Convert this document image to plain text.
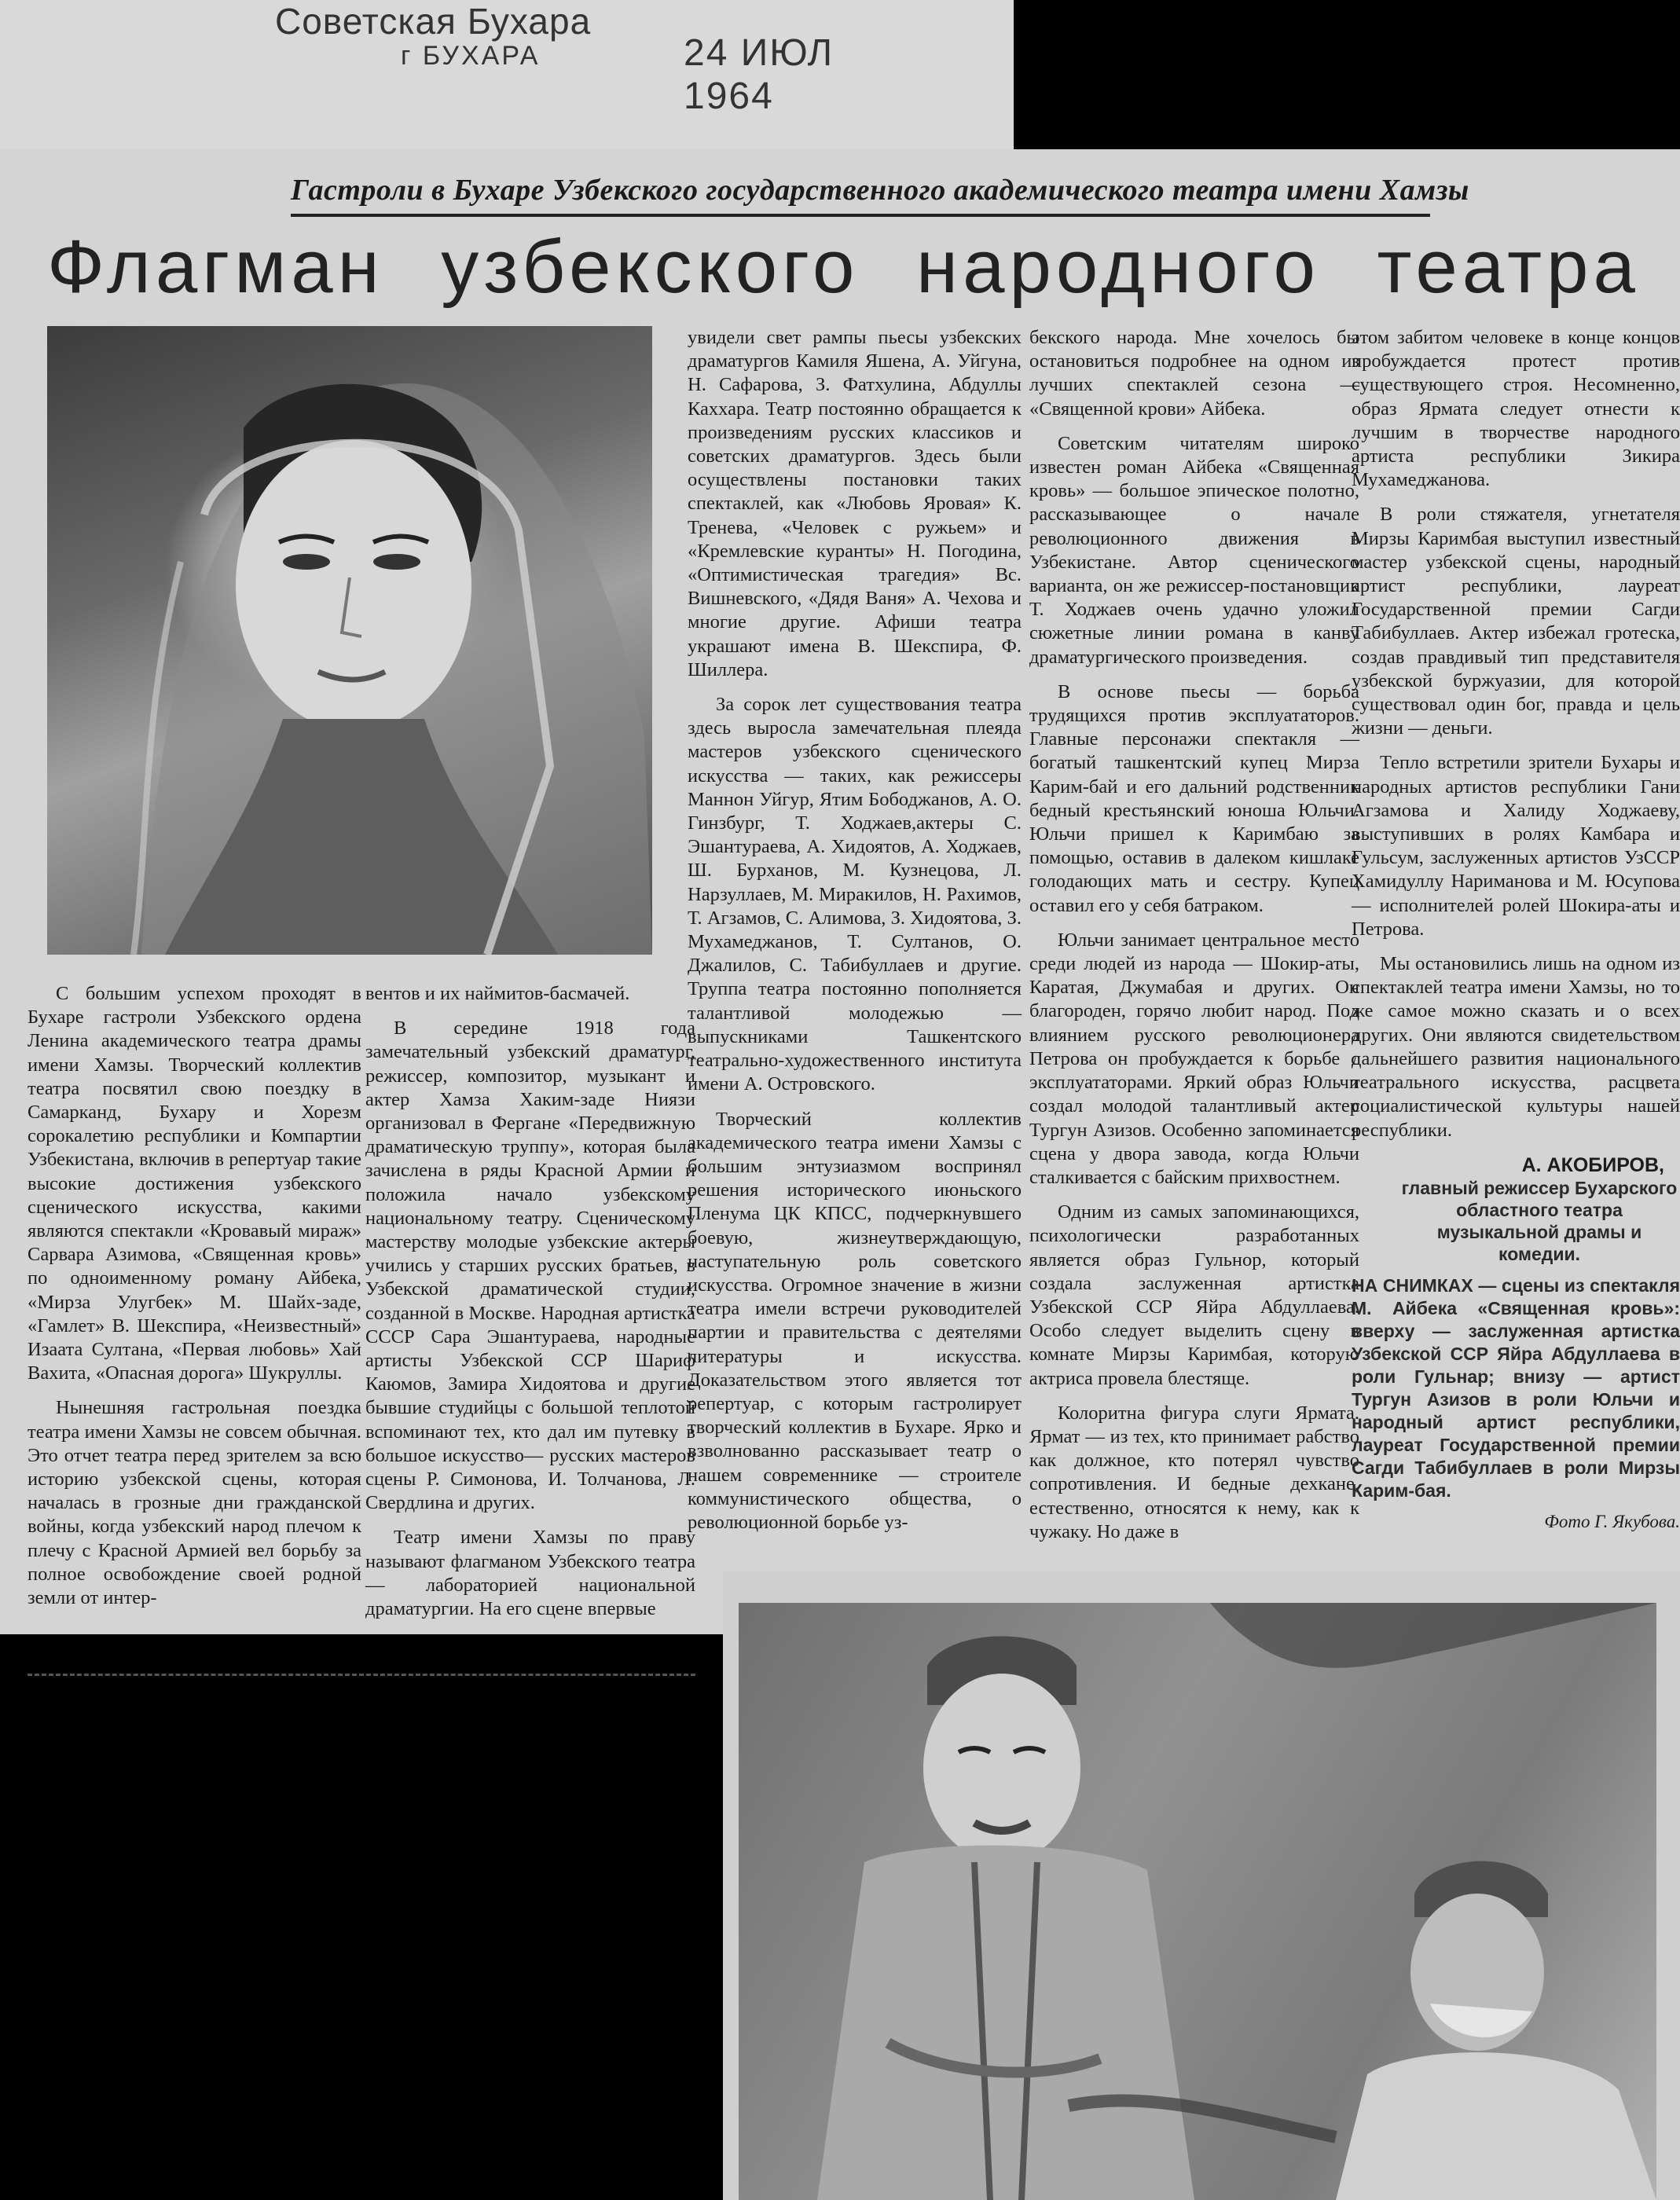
Советская Бухара
г БУХАРА	24 ИЮЛ 1964
Гастроли в Бухаре Узбекского государственного академического театра имени Хамзы
Флагман узбекского народного театра

С большим успехом проходят в Бухаре гастроли Узбекского ордена Ленина академического театра драмы имени Хамзы. Творческий коллектив театра посвятил свою поездку в Самарканд, Бухару и Хорезм сорокалетию республики и Компартии Узбекистана, включив в репертуар такие высокие достижения узбекского сценического искусства, какими являются спектакли «Кровавый мираж» Сарвара Азимова, «Священная кровь» по одноименному роману Айбека, «Мирза Улугбек» М. Шайх-заде, «Гамлет» В. Шекспира, «Неизвестный» Изаата Султана, «Первая любовь» Хай Вахита, «Опасная дорога» Шукруллы.

Нынешняя гастрольная поездка театра имени Хамзы не совсем обычная. Это отчет театра перед зрителем за всю историю узбекской сцены, которая началась в грозные дни гражданской войны, когда узбекский народ плечом к плечу с Красной Армией вел борьбу за полное освобождение своей родной земли от интер-

вентов и их наймитов-басмачей.

В середине 1918 года замечательный узбекский драматург, режиссер, композитор, музыкант и актер Хамза Хаким-заде Ниязи организовал в Фергане «Передвижную драматическую труппу», которая была зачислена в ряды Красной Армии и положила начало узбекскому национальному театру. Сценическому мастерству молодые узбекские актеры учились у старших русских братьев, в Узбекской драматической студии, созданной в Москве. Народная артистка СССР Сара Эшантураева, народные артисты Узбекской ССР Шариф Каюмов, Замира Хидоятова и другие бывшие студийцы с большой теплотой вспоминают тех, кто дал им путевку в большое искусство— русских мастеров сцены Р. Симонова, И. Толчанова, Л. Свердлина и других.

Театр имени Хамзы по праву называют флагманом Узбекского театра — лабораторией национальной драматургии. На его сцене впервые

увидели свет рампы пьесы узбекских драматургов Камиля Яшена, А. Уйгуна, Н. Сафарова, З. Фатхулина, Абдуллы Каххара. Театр постоянно обращается к произведениям русских классиков и советских драматургов. Здесь были осуществлены постановки таких спектаклей, как «Любовь Яровая» К. Тренева, «Человек с ружьем» и «Кремлевские куранты» Н. Погодина, «Оптимистическая трагедия» Вс. Вишневского, «Дядя Ваня» А. Чехова и многие другие. Афиши театра украшают имена В. Шекспира, Ф. Шиллера.

За сорок лет существования театра здесь выросла замечательная плеяда мастеров узбекского сценического искусства — таких, как режиссеры Маннон Уйгур, Ятим Бободжанов, А. О. Гинзбург, Т. Ходжаев,актеры С. Эшантураева, А. Хидоятов, А. Ходжаев, Ш. Бурханов, М. Кузнецова, Л. Нарзуллаев, М. Миракилов, Н. Рахимов, Т. Агзамов, С. Алимова, З. Хидоятова, З. Мухамеджанов, Т. Султанов, О. Джалилов, С. Табибуллаев и другие. Труппа театра постоянно пополняется талантливой молодежью — выпускниками Ташкентского театрально-художественного института имени А. Островского.

Творческий коллектив академического театра имени Хамзы с большим энтузиазмом воспринял решения исторического июньского Пленума ЦК КПСС, подчеркнувшего боевую, жизнеутверждающую, наступательную роль советского искусства. Огромное значение в жизни театра имели встречи руководителей партии и правительства с деятелями литературы и искусства. Доказательством этого является тот репертуар, с которым гастролирует творческий коллектив в Бухаре. Ярко и взволнованно рассказывает театр о нашем современнике — строителе коммунистического общества, о революционной борьбе уз-

бекского народа. Мне хочелось бы остановиться подробнее на одном из лучших спектаклей сезона — «Священной крови» Айбека.

Советским читателям широко известен роман Айбека «Священная кровь» — большое эпическое полотно, рассказывающее о начале революционного движения в Узбекистане. Автор сценического варианта, он же режиссер-постановщик Т. Ходжаев очень удачно уложил сюжетные линии романа в канву драматургического произведения.

В основе пьесы — борьба трудящихся против эксплуататоров. Главные персонажи спектакля — богатый ташкентский купец Мирза Карим-бай и его дальний родственник бедный крестьянский юноша Юльчи. Юльчи пришел к Каримбаю за помощью, оставив в далеком кишлаке голодающих мать и сестру. Купец оставил его у себя батраком.

Юльчи занимает центральное место среди людей из народа — Шокир-аты, Каратая, Джумабая и других. Он благороден, горячо любит народ. Под влиянием русского революционера Петрова он пробуждается к борьбе с эксплуататорами. Яркий образ Юльчи создал молодой талантливый актер Тургун Азизов. Особенно запоминается сцена у двора завода, когда Юльчи сталкивается с байским прихвостнем.

Одним из самых запоминающихся, психологически разработанных является образ Гульнор, который создала заслуженная артистка Узбекской ССР Яйра Абдуллаева. Особо следует выделить сцену в комнате Мирзы Каримбая, которую актриса провела блестяще.

Колоритна фигура слуги Ярмата. Ярмат — из тех, кто принимает рабство как должное, кто потерял чувство сопротивления. И бедные дехкане, естественно, относятся к нему, как к чужаку. Но даже в

этом забитом человеке в конце концов пробуждается протест против существующего строя. Несомненно, образ Ярмата следует отнести к лучшим в творчестве народного артиста республики Зикира Мухамеджанова.

В роли стяжателя, угнетателя Мирзы Каримбая выступил известный мастер узбекской сцены, народный артист республики, лауреат Государственной премии Сагди Табибуллаев. Актер избежал гротеска, создав правдивый тип представителя узбекской буржуазии, для которой существовал один бог, правда и цель жизни — деньги.

Тепло встретили зрители Бухары и народных артистов республики Гани Агзамова и Халиду Ходжаеву, выступивших в ролях Камбара и Гульсум, заслуженных артистов УзССР Хамидуллу Нариманова и М. Юсупова — исполнителей ролей Шокира-аты и Петрова.

Мы остановились лишь на одном из спектаклей театра имени Хамзы, но то же самое можно сказать и о всех других. Они являются свидетельством дальнейшего развития национального театрального искусства, расцвета социалистической культуры нашей республики.

А. АКОБИРОВ,
главный режиссер Бухарского областного театра музыкальной драмы и комедии.
НА СНИМКАХ — сцены из спектакля М. Айбека «Священная кровь»: вверху — заслуженная артистка Узбекской ССР Яйра Абдуллаева в роли Гульнар; внизу — артист Тургун Азизов в роли Юльчи и народный артист республики, лауреат Государственной премии Сагди Табибуллаев в роли Мирзы Карим-бая.
Фото Г. Якубова.
